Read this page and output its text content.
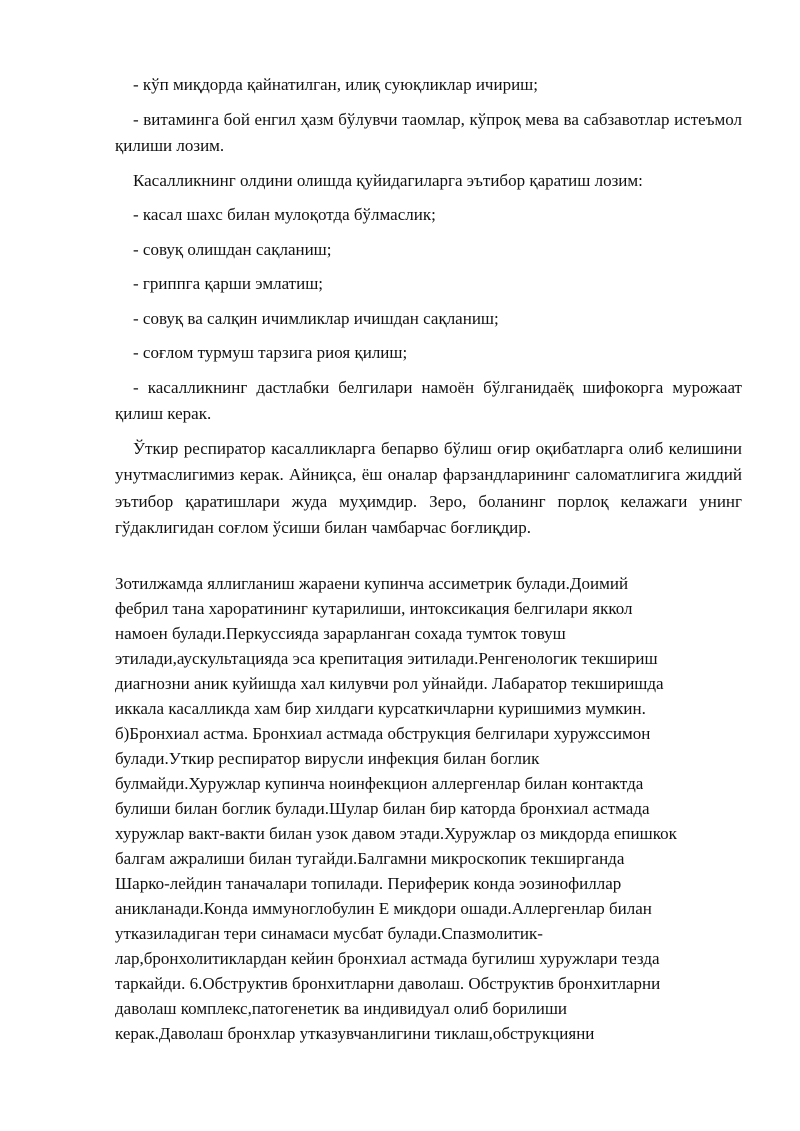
- кўп миқдорда қайнатилган, илиқ суюқликлар ичириш;

- витаминга бой енгил ҳазм бўлувчи таомлар, кўпроқ мева ва сабзавотлар истеъмол қилиши лозим.

Касалликнинг олдини олишда қуйидагиларга эътибор қаратиш лозим:

- касал шахс билан мулоқотда бўлмаслик;

- совуқ олишдан сақланиш;

- гриппга қарши эмлатиш;

- совуқ ва салқин ичимликлар ичишдан сақланиш;

- соғлом турмуш тарзига риоя қилиш;

- касалликнинг дастлабки белгилари намоён бўлганидаёқ шифокорга мурожаат қилиш керак.

Ўткир респиратор касалликларга бепарво бўлиш оғир оқибатларга олиб келишини унутмаслигимиз керак. Айниқса, ёш оналар фарзандларининг саломатлигига жиддий эътибор қаратишлари жуда муҳимдир. Зеро, боланинг порлоқ келажаги унинг гўдаклигидан соғлом ўсиши билан чамбарчас боғлиқдир.

Зотилжамда яллигланиш жараени купинча ассиметрик булади.Доимий
фебрил тана хароратининг кутарилиши, интоксикация белгилари яккол
намоен булади.Перкуссияда зарарланган сохада тумток товуш
этилади,аускультацияда эса крепитация эитилади.Ренгенологик текшириш
диагнозни аник куйишда хал килувчи рол уйнайди. Лабаратор текширишда
иккала касалликда хам бир хилдаги курсаткичларни куришимиз мумкин.
б)Бронхиал астма. Бронхиал астмада обструкция белгилари хуружссимон
булади.Уткир респиратор вирусли инфекция билан боглик
булмайди.Хуружлар купинча ноинфекцион аллергенлар билан контактда
булиши билан боглик булади.Шулар билан бир каторда бронхиал астмада
хуружлар вакт-вакти билан узок давом этади.Хуружлар оз микдорда епишкок
балгам ажралиши билан тугайди.Балгамни микроскопик текширганда
Шарко-лейдин таначалари топилади. Периферик конда эозинофиллар
аникланади.Конда иммуноглобулин Е микдори ошади.Аллергенлар билан
утказиладиган тери синамаси мусбат булади.Спазмолитик-
лар,бронхолитиклардан кейин бронхиал астмада бугилиш хуружлари тезда
таркайди. 6.Обструктив бронхитларни даволаш. Обструктив бронхитларни
даволаш комплекс,патогенетик ва индивидуал олиб борилиши
керак.Даволаш бронхлар утказувчанлигини тиклаш,обструкцияни
